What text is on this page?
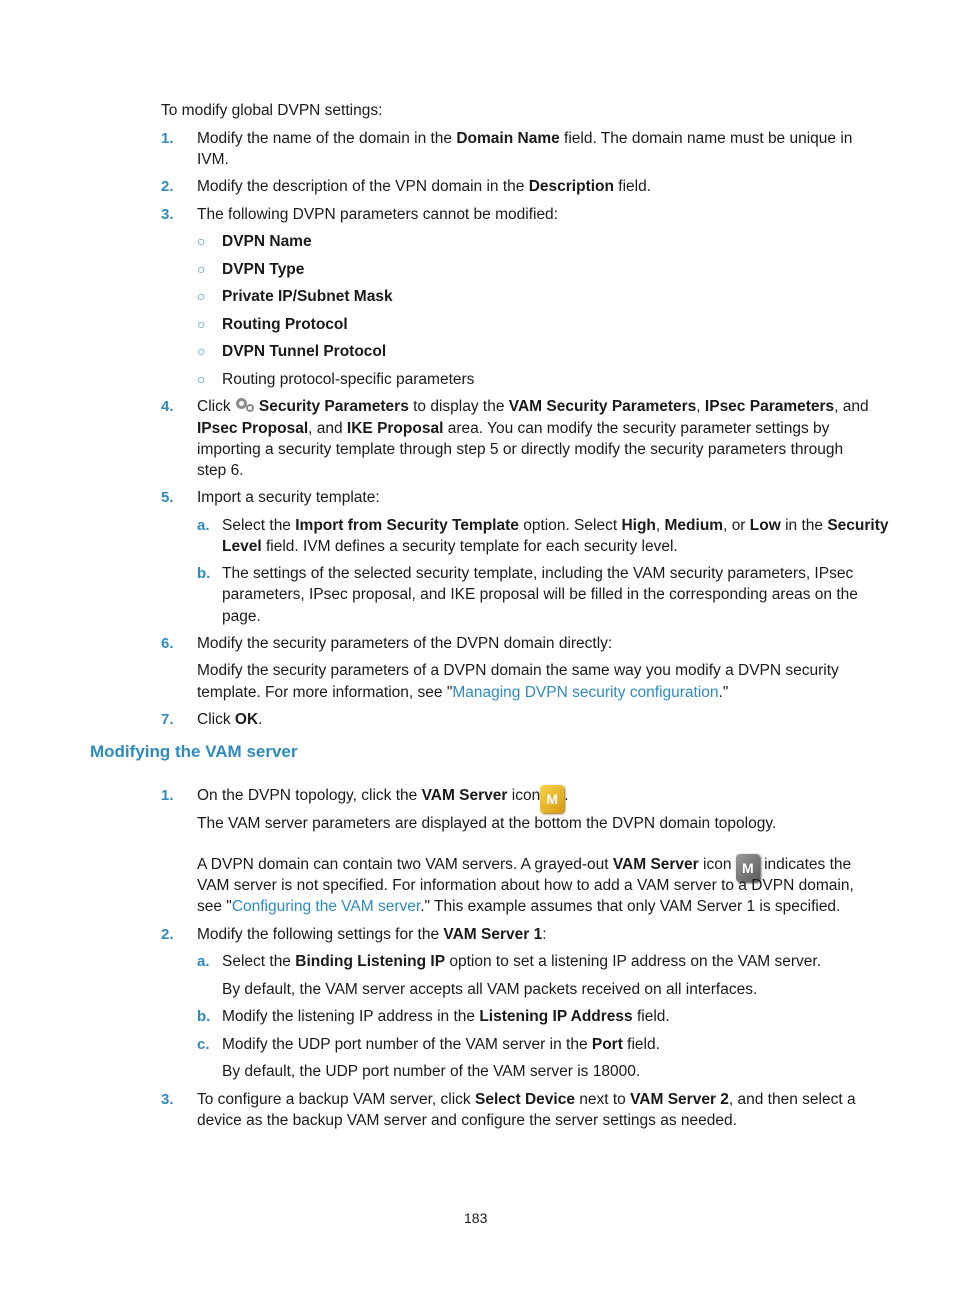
To modify global DVPN settings:
1. Modify the name of the domain in the Domain Name field. The domain name must be unique in
IVM.
2. Modify the description of the VPN domain in the Description field.
3. The following DVPN parameters cannot be modified:
○ DVPN Name
○ DVPN Type
○ Private IP/Subnet Mask
○ Routing Protocol
○ DVPN Tunnel Protocol
○ Routing protocol-specific parameters
4. Click
Security Parameters to display the VAM Security Parameters, IPsec Parameters, and
IPsec Proposal, and IKE Proposal area. You can modify the security parameter settings by
importing a security template through step 5 or directly modify the security parameters through
step 6.
5. Import a security template:
a. Select the Import from Security Template option. Select High, Medium, or Low in the Security
Level field. IVM defines a security template for each security level.
b. The settings of the selected security template, including the VAM security parameters, IPsec
parameters, IPsec proposal, and IKE proposal will be filled in the corresponding areas on the
page.
6. Modify the security parameters of the DVPN domain directly:
Modify the security parameters of a DVPN domain the same way you modify a DVPN security
template. For more information, see "Managing DVPN security configuration."
7. Click OK.
Modifying the VAM server
1. On the DVPN topology, click the VAM Server icon M .
The VAM server parameters are displayed at the bottom the DVPN domain topology.
A DVPN domain can contain two VAM servers. A grayed-out VAM Server icon M indicates the
VAM server is not specified. For information about how to add a VAM server to a DVPN domain,
see "Configuring the VAM server." This example assumes that only VAM Server 1 is specified.
2. Modify the following settings for the VAM Server 1:
a. Select the Binding Listening IP option to set a listening IP address on the VAM server.
By default, the VAM server accepts all VAM packets received on all interfaces.
b. Modify the listening IP address in the Listening IP Address field.
c. Modify the UDP port number of the VAM server in the Port field.
By default, the UDP port number of the VAM server is 18000.
3. To configure a backup VAM server, click Select Device next to VAM Server 2, and then select a
device as the backup VAM server and configure the server settings as needed.
183
